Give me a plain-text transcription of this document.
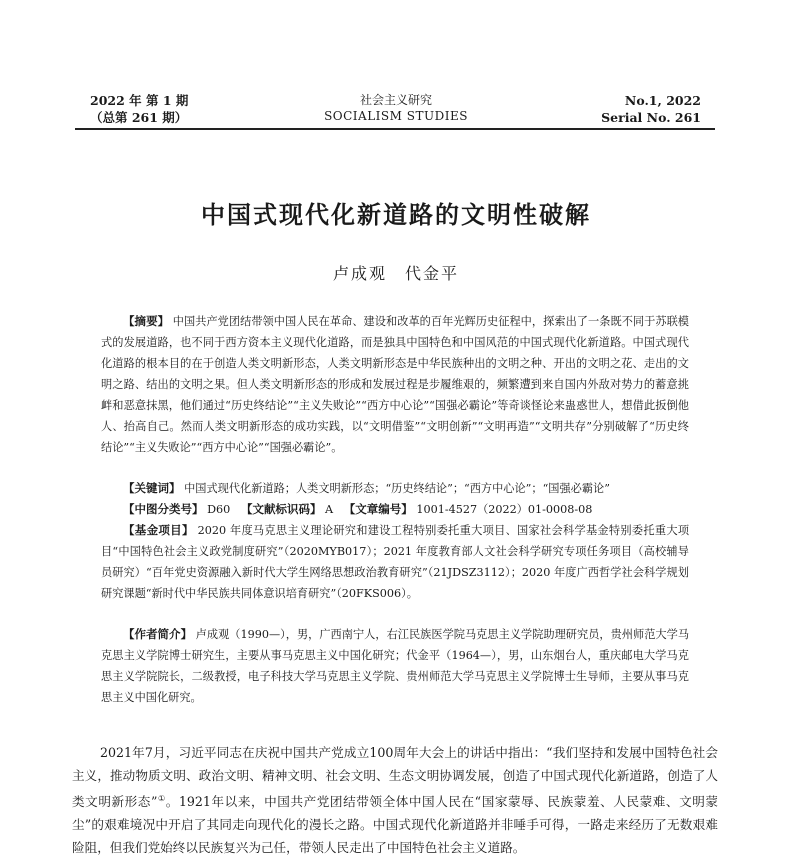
2022 年 第 1 期
（总第 261 期）
社会主义研究
SOCIALISM STUDIES
No.1, 2022
Serial No. 261
中国式现代化新道路的文明性破解
卢成观　代金平
【摘要】 中国共产党团结带领中国人民在革命、建设和改革的百年光辉历史征程中，探索出了一条既不同于苏联模式的发展道路，也不同于西方资本主义现代化道路，而是独具中国特色和中国风范的中国式现代化新道路。中国式现代化道路的根本目的在于创造人类文明新形态，人类文明新形态是中华民族种出的文明之种、开出的文明之花、走出的文明之路、结出的文明之果。但人类文明新形态的形成和发展过程是步履维艰的，频繁遭到来自国内外敌对势力的蓄意挑衅和恶意抹黑，他们通过“历史终结论”“主义失败论”“西方中心论”“国强必霸论”等奇谈怪论来蛊惑世人，想借此扳倒他人、抬高自己。然而人类文明新形态的成功实践，以“文明借鉴”“文明创新”“文明再造”“文明共存”分别破解了“历史终结论”“主义失败论”“西方中心论”“国强必霸论”。
【关键词】 中国式现代化新道路；人类文明新形态；“历史终结论”；“西方中心论”；“国强必霸论”
【中图分类号】 D60 【文献标识码】 A 【文章编号】 1001-4527（2022）01-0008-08
【基金项目】 2020 年度马克思主义理论研究和建设工程特别委托重大项目、国家社会科学基金特别委托重大项目“中国特色社会主义政党制度研究”（2020MYB017）；2021 年度教育部人文社会科学研究专项任务项目（高校辅导员研究）“百年党史资源融入新时代大学生网络思想政治教育研究”（21JDSZ3112）；2020 年度广西哲学社会科学规划研究课题“新时代中华民族共同体意识培育研究”（20FKS006）。
【作者简介】 卢成观（1990—），男，广西南宁人，右江民族医学院马克思主义学院助理研究员，贵州师范大学马克思主义学院博士研究生，主要从事马克思主义中国化研究；代金平（1964—），男，山东烟台人，重庆邮电大学马克思主义学院院长，二级教授，电子科技大学马克思主义学院、贵州师范大学马克思主义学院博士生导师，主要从事马克思主义中国化研究。
2021年7月，习近平同志在庆祝中国共产党成立100周年大会上的讲话中指出：“我们坚持和发展中国特色社会主义，推动物质文明、政治文明、精神文明、社会文明、生态文明协调发展，创造了中国式现代化新道路，创造了人类文明新形态”①。1921年以来，中国共产党团结带领全体中国人民在“国家蒙辱、民族蒙羞、人民蒙难、文明蒙尘”的艰难境况中开启了其同走向现代化的漫长之路。中国式现代化新道路并非唾手可得，一路走来经历了无数艰难险阻，但我们党始终以民族复兴为己任，带领人民走出了中国特色社会主义道路。
